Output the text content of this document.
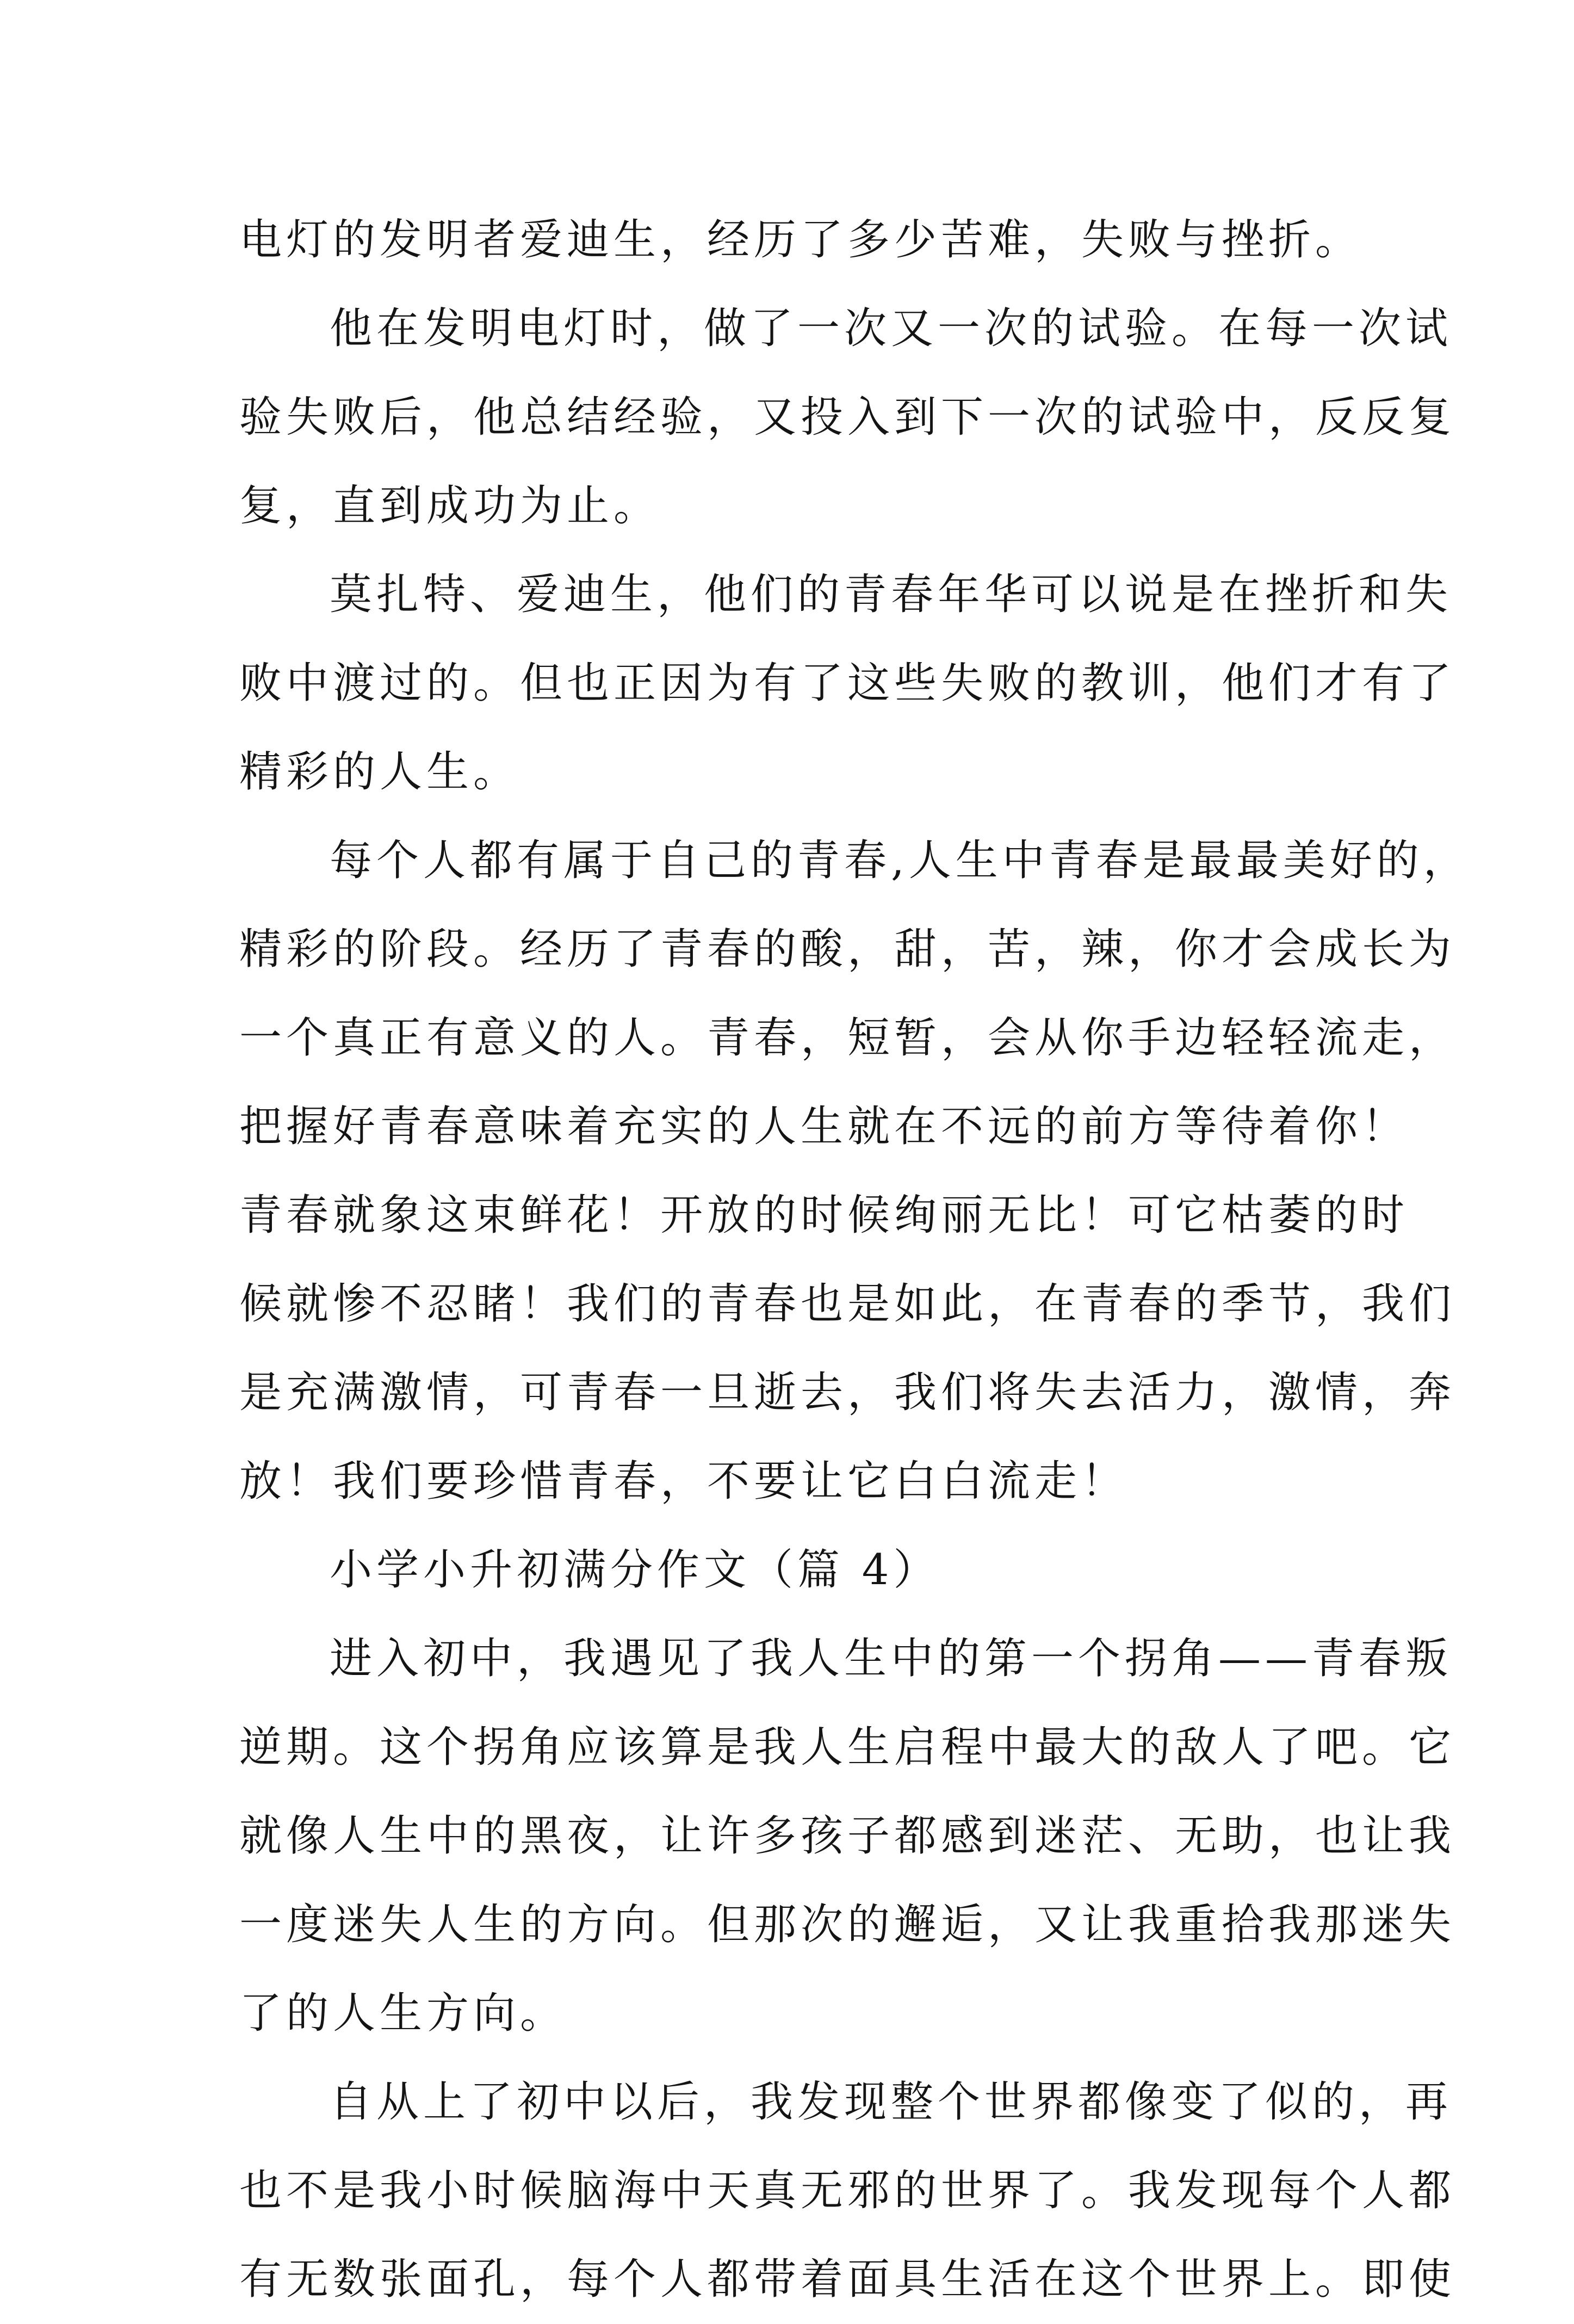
电灯的发明者爱迪生，经历了多少苦难，失败与挫折。
他在发明电灯时，做了一次又一次的试验。在每一次试
验失败后，他总结经验，又投入到下一次的试验中，反反复
复，直到成功为止。
莫扎特、爱迪生，他们的青春年华可以说是在挫折和失
败中渡过的。但也正因为有了这些失败的教训，他们才有了
精彩的人生。
每个人都有属于自己的青春,人生中青春是最最美好的，
精彩的阶段。经历了青春的酸，甜，苦，辣，你才会成长为
一个真正有意义的人。青春，短暂，会从你手边轻轻流走，
把握好青春意味着充实的人生就在不远的前方等待着你！
青春就象这束鲜花！开放的时候绚丽无比！可它枯萎的时
候就惨不忍睹！我们的青春也是如此，在青春的季节，我们
是充满激情，可青春一旦逝去，我们将失去活力，激情，奔
放！我们要珍惜青春，不要让它白白流走！
小学小升初满分作文（篇 4）
进入初中，我遇见了我人生中的第一个拐角——青春叛
逆期。这个拐角应该算是我人生启程中最大的敌人了吧。它
就像人生中的黑夜，让许多孩子都感到迷茫、无助，也让我
一度迷失人生的方向。但那次的邂逅，又让我重拾我那迷失
了的人生方向。
自从上了初中以后，我发现整个世界都像变了似的，再
也不是我小时候脑海中天真无邪的世界了。我发现每个人都
有无数张面孔，每个人都带着面具生活在这个世界上。即使
